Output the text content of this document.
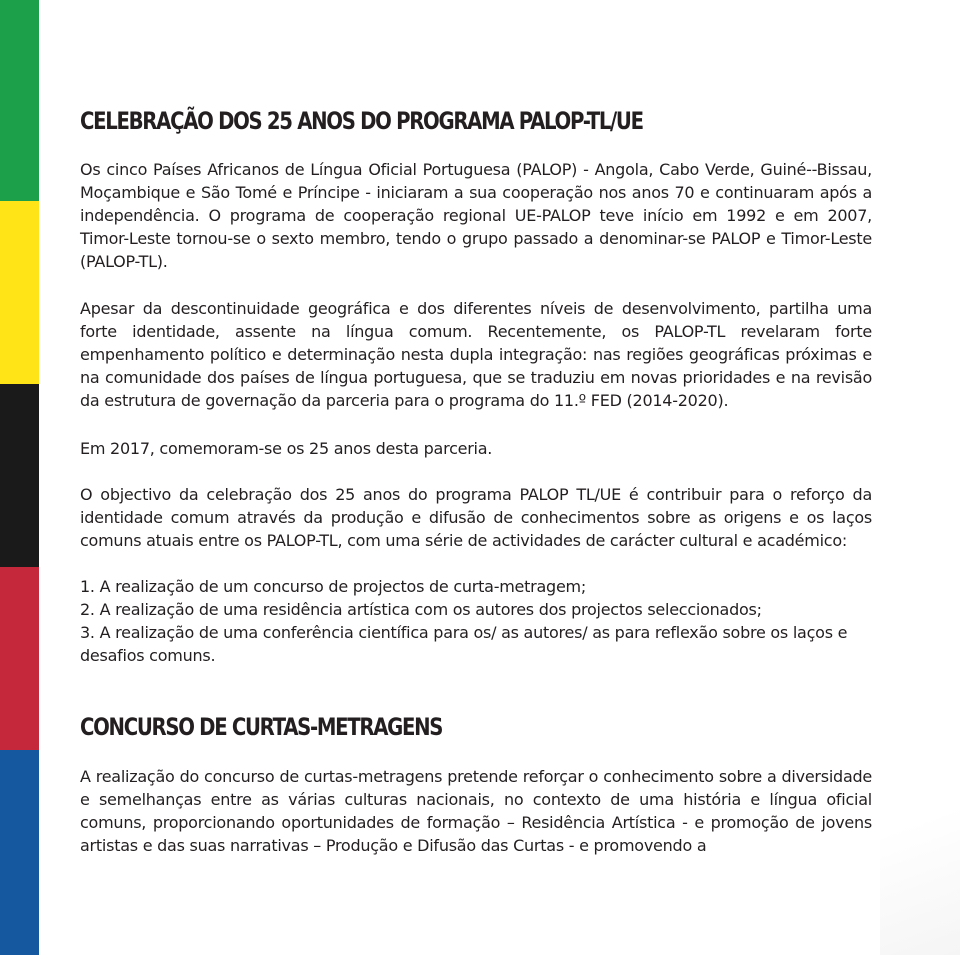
CELEBRAÇÃO DOS 25 ANOS DO PROGRAMA PALOP-TL/UE

Os cinco Países Africanos de Língua Oficial Portuguesa (PALOP) - Angola, Cabo Verde, Guiné--Bissau, Moçambique e São Tomé e Príncipe - iniciaram a sua cooperação nos anos 70 e continuaram após a independência. O programa de cooperação regional UE-PALOP teve início em 1992 e em 2007, Timor-Leste tornou-se o sexto membro, tendo o grupo passado a denominar-se PALOP e Timor-Leste (PALOP-TL).

Apesar da descontinuidade geográfica e dos diferentes níveis de desenvolvimento, partilha uma forte identidade, assente na língua comum. Recentemente, os PALOP-TL revelaram forte empenhamento político e determinação nesta dupla integração: nas regiões geográficas próximas e na comunidade dos países de língua portuguesa, que se traduziu em novas prioridades e na revisão da estrutura de governação da parceria para o programa do 11.º FED (2014-2020).

Em 2017, comemoram-se os 25 anos desta parceria.

O objectivo da celebração dos 25 anos do programa PALOP TL/UE é contribuir para o reforço da identidade comum através da produção e difusão de conhecimentos sobre as origens e os laços comuns atuais entre os PALOP-TL, com uma série de actividades de carácter cultural e académico:

1. A realização de um concurso de projectos de curta-metragem;
2. A realização de uma residência artística com os autores dos projectos seleccionados;
3. A realização de uma conferência científica para os/ as autores/ as para reflexão sobre os laços e desafios comuns.
CONCURSO DE CURTAS-METRAGENS

A realização do concurso de curtas-metragens pretende reforçar o conhecimento sobre a diversidade e semelhanças entre as várias culturas nacionais, no contexto de uma história e língua oficial comuns, proporcionando oportunidades de formação – Residência Artística - e promoção de jovens artistas e das suas narrativas – Produção e Difusão das Curtas - e promovendo a
